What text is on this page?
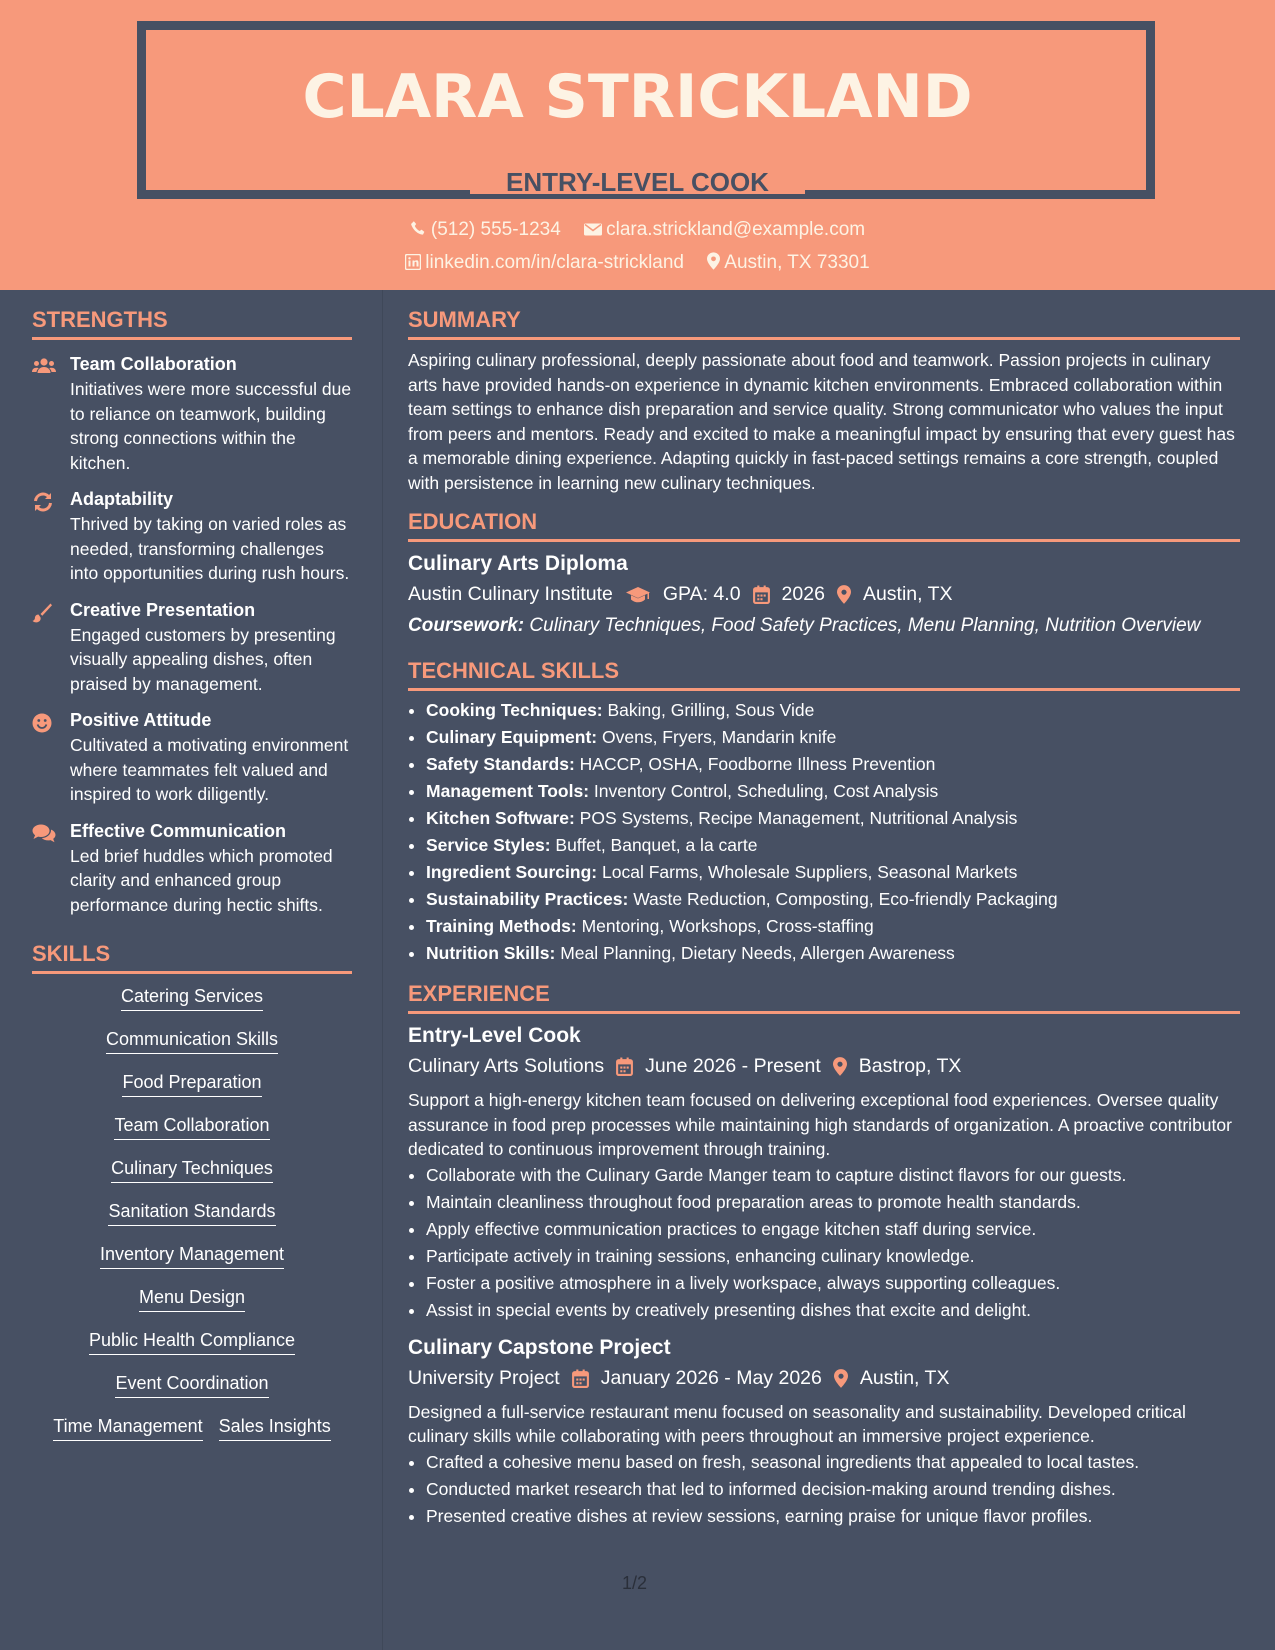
CLARA STRICKLAND
ENTRY-LEVEL COOK
(512) 555-1234 clara.strickland@example.com
linkedin.com/in/clara-strickland Austin, TX 73301
STRENGTHS
Team Collaboration
Initiatives were more successful due to reliance on teamwork, building strong connections within the kitchen.
Adaptability
Thrived by taking on varied roles as needed, transforming challenges into opportunities during rush hours.
Creative Presentation
Engaged customers by presenting visually appealing dishes, often praised by management.
Positive Attitude
Cultivated a motivating environment where teammates felt valued and inspired to work diligently.
Effective Communication
Led brief huddles which promoted clarity and enhanced group performance during hectic shifts.
SKILLS
Catering Services
Communication Skills
Food Preparation
Team Collaboration
Culinary Techniques
Sanitation Standards
Inventory Management
Menu Design
Public Health Compliance
Event Coordination
Time Management Sales Insights
SUMMARY

Aspiring culinary professional, deeply passionate about food and teamwork. Passion projects in culinary arts have provided hands-on experience in dynamic kitchen environments. Embraced collaboration within team settings to enhance dish preparation and service quality. Strong communicator who values the input from peers and mentors. Ready and excited to make a meaningful impact by ensuring that every guest has a memorable dining experience. Adapting quickly in fast-paced settings remains a core strength, coupled with persistence in learning new culinary techniques.

EDUCATION
Culinary Arts Diploma
Austin Culinary Institute	GPA: 4.0 2026 Austin, TX
Coursework: Culinary Techniques, Food Safety Practices, Menu Planning, Nutrition Overview
TECHNICAL SKILLS
• Cooking Techniques: Baking, Grilling, Sous Vide
• Culinary Equipment: Ovens, Fryers, Mandarin knife
• Safety Standards: HACCP, OSHA, Foodborne Illness Prevention
• Management Tools: Inventory Control, Scheduling, Cost Analysis
• Kitchen Software: POS Systems, Recipe Management, Nutritional Analysis
• Service Styles: Buffet, Banquet, a la carte
• Ingredient Sourcing: Local Farms, Wholesale Suppliers, Seasonal Markets
• Sustainability Practices: Waste Reduction, Composting, Eco-friendly Packaging
• Training Methods: Mentoring, Workshops, Cross-staffing
• Nutrition Skills: Meal Planning, Dietary Needs, Allergen Awareness
EXPERIENCE
Entry-Level Cook
Culinary Arts Solutions June 2026 - Present Bastrop, TX

Support a high-energy kitchen team focused on delivering exceptional food experiences. Oversee quality assurance in food prep processes while maintaining high standards of organization. A proactive contributor dedicated to continuous improvement through training.

• Collaborate with the Culinary Garde Manger team to capture distinct flavors for our guests.
• Maintain cleanliness throughout food preparation areas to promote health standards.
• Apply effective communication practices to engage kitchen staff during service.
• Participate actively in training sessions, enhancing culinary knowledge.
• Foster a positive atmosphere in a lively workspace, always supporting colleagues.
• Assist in special events by creatively presenting dishes that excite and delight.
Culinary Capstone Project
University Project January 2026 - May 2026 Austin, TX

Designed a full-service restaurant menu focused on seasonality and sustainability. Developed critical culinary skills while collaborating with peers throughout an immersive project experience.

• Crafted a cohesive menu based on fresh, seasonal ingredients that appealed to local tastes.
• Conducted market research that led to informed decision-making around trending dishes.
• Presented creative dishes at review sessions, earning praise for unique flavor profiles.
1/2
